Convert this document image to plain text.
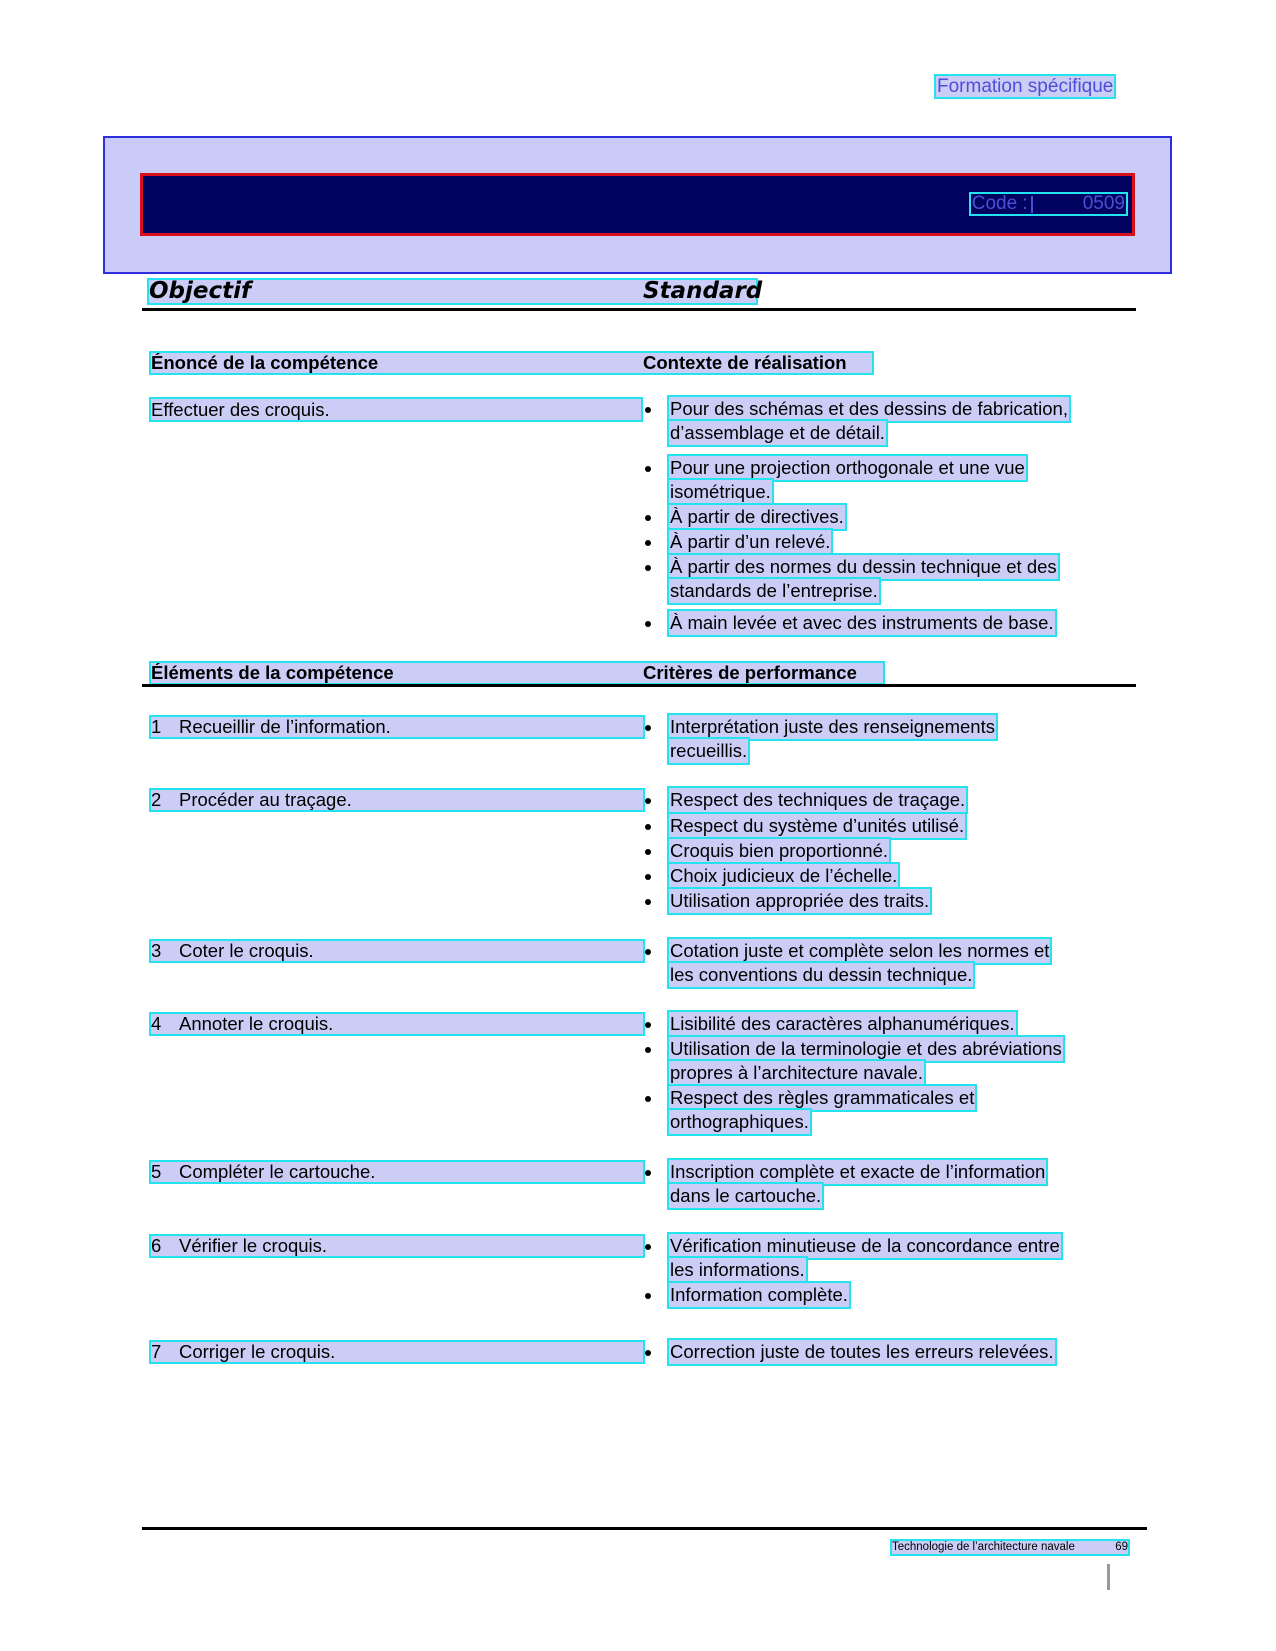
Formation spécifique
Code :	0509
Objectif	Standard
Énoncé de la compétence	Contexte de réalisation
Effectuer des croquis.	Pour des schémas et des dessins de fabrication,
d’assemblage et de détail.
Pour une projection orthogonale et une vue
isométrique.
À partir de directives.
À partir d’un relevé.
À partir des normes du dessin technique et des
standards de l’entreprise.
À main levée et avec des instruments de base.
Éléments de la compétence	Critères de performance
1 Recueillir de l’information.	Interprétation juste des renseignements
recueillis.
2 Procéder au traçage.	Respect des techniques de traçage.
Respect du système d’unités utilisé.
Croquis bien proportionné.
Choix judicieux de l’échelle.
Utilisation appropriée des traits.
3 Coter le croquis.	Cotation juste et complète selon les normes et
les conventions du dessin technique.
4 Annoter le croquis.	Lisibilité des caractères alphanumériques.
Utilisation de la terminologie et des abréviations
propres à l’architecture navale.
Respect des règles grammaticales et
orthographiques.
5 Compléter le cartouche.	Inscription complète et exacte de l’information
dans le cartouche.
6 Vérifier le croquis.	Vérification minutieuse de la concordance entre
les informations.
Information complète.
7 Corriger le croquis.	Correction juste de toutes les erreurs relevées.
Technologie de l’architecture navale	69
